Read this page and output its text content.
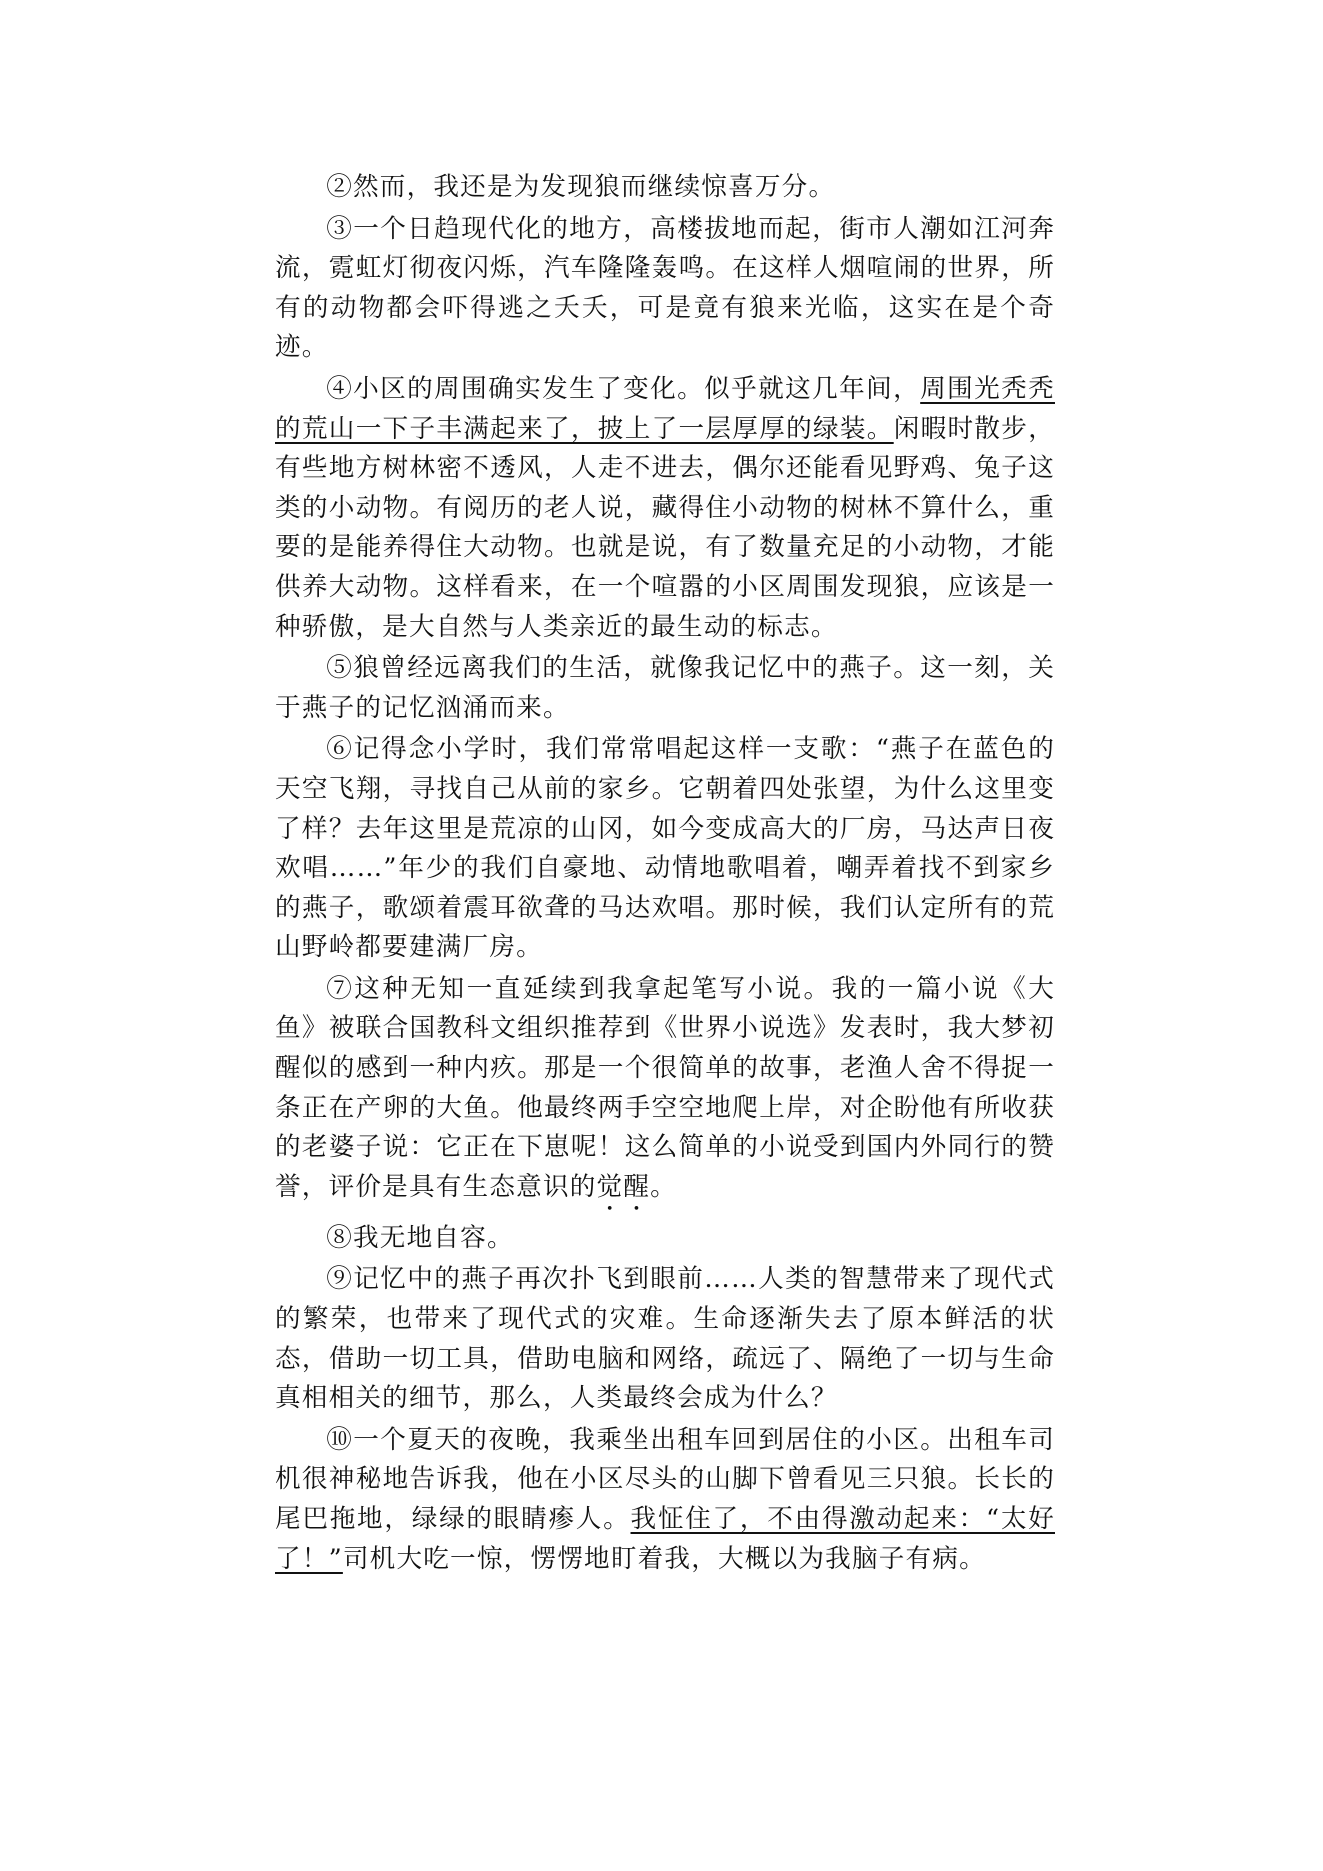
②然而，我还是为发现狼而继续惊喜万分。

③一个日趋现代化的地方，高楼拔地而起，街市人潮如江河奔流，霓虹灯彻夜闪烁，汽车隆隆轰鸣。在这样人烟喧闹的世界，所有的动物都会吓得逃之夭夭，可是竟有狼来光临，这实在是个奇迹。

④小区的周围确实发生了变化。似乎就这几年间，周围光秃秃的荒山一下子丰满起来了，披上了一层厚厚的绿装。闲暇时散步，有些地方树林密不透风，人走不进去，偶尔还能看见野鸡、兔子这类的小动物。有阅历的老人说，藏得住小动物的树林不算什么，重要的是能养得住大动物。也就是说，有了数量充足的小动物，才能供养大动物。这样看来，在一个喧嚣的小区周围发现狼，应该是一种骄傲，是大自然与人类亲近的最生动的标志。

⑤狼曾经远离我们的生活，就像我记忆中的燕子。这一刻，关于燕子的记忆汹涌而来。

⑥记得念小学时，我们常常唱起这样一支歌：“燕子在蓝色的天空飞翔，寻找自己从前的家乡。它朝着四处张望，为什么这里变了样？去年这里是荒凉的山冈，如今变成高大的厂房，马达声日夜欢唱……”年少的我们自豪地、动情地歌唱着，嘲弄着找不到家乡的燕子，歌颂着震耳欲聋的马达欢唱。那时候，我们认定所有的荒山野岭都要建满厂房。

⑦这种无知一直延续到我拿起笔写小说。我的一篇小说《大鱼》被联合国教科文组织推荐到《世界小说选》发表时，我大梦初醒似的感到一种内疚。那是一个很简单的故事，老渔人舍不得捉一条正在产卵的大鱼。他最终两手空空地爬上岸，对企盼他有所收获的老婆子说：它正在下崽呢！这么简单的小说受到国内外同行的赞誉，评价是具有生态意识的觉醒。

⑧我无地自容。

⑨记忆中的燕子再次扑飞到眼前……人类的智慧带来了现代式的繁荣，也带来了现代式的灾难。生命逐渐失去了原本鲜活的状态，借助一切工具，借助电脑和网络，疏远了、隔绝了一切与生命真相相关的细节，那么，人类最终会成为什么？

⑩一个夏天的夜晚，我乘坐出租车回到居住的小区。出租车司机很神秘地告诉我，他在小区尽头的山脚下曾看见三只狼。长长的尾巴拖地，绿绿的眼睛瘆人。我怔住了，不由得激动起来：“太好了！”司机大吃一惊，愣愣地盯着我，大概以为我脑子有病。
